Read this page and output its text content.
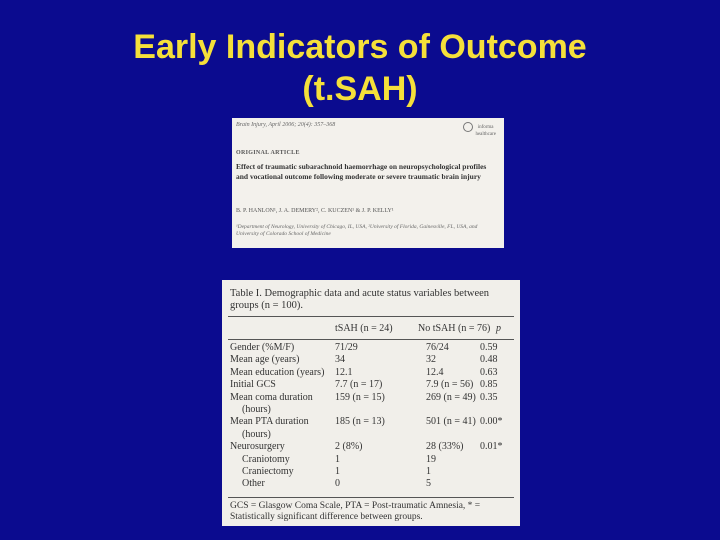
Early Indicators of Outcome
(t.SAH)
Brain Injury, April 2006; 20(4): 357–368	informa
healthcare
ORIGINAL ARTICLE
Effect of traumatic subarachnoid haemorrhage on neuropsychological profiles and vocational outcome following moderate or severe traumatic brain injury
B. P. HANLON¹, J. A. DEMERY², C. KUCZEN¹ & J. P. KELLY¹
¹Department of Neurology, University of Chicago, IL, USA, ²University of Florida, Gainesville, FL, USA, and University of Colorado School of Medicine
Table I. Demographic data and acute status variables between groups (n = 100).
tSAH (n = 24)	No tSAH (n = 76) p
Gender (%M/F)	71/29	76/24	0.59
Mean age (years)	34	32	0.48
Mean education (years) 12.1	12.4	0.63
Initial GCS	7.7 (n = 17)	7.9 (n = 56) 0.85
Mean coma duration 159 (n = 15)	269 (n = 49) 0.35
(hours)
Mean PTA duration	185 (n = 13)	501 (n = 41) 0.00*
(hours)
Neurosurgery	2 (8%)	28 (33%) 0.01*
Craniotomy	1	19
Craniectomy	1	1
Other	0	5
GCS = Glasgow Coma Scale, PTA = Post-traumatic Amnesia, * = Statistically significant difference between groups.
